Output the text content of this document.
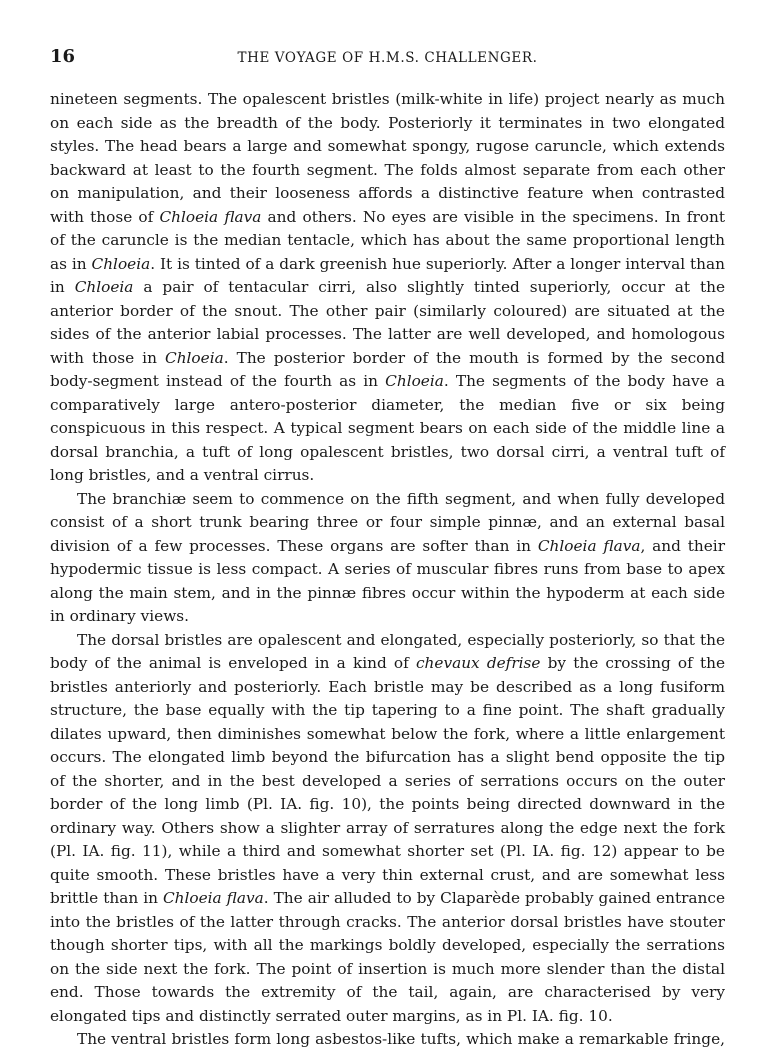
16	THE VOYAGE OF H.M.S. CHALLENGER.

nineteen segments. The opalescent bristles (milk-white in life) project nearly as much on each side as the breadth of the body. Posteriorly it terminates in two elongated styles. The head bears a large and somewhat spongy, rugose caruncle, which extends backward at least to the fourth segment. The folds almost separate from each other on manipulation, and their looseness affords a distinctive feature when contrasted with those of Chloeia flava and others. No eyes are visible in the specimens. In front of the caruncle is the median tentacle, which has about the same proportional length as in Chloeia. It is tinted of a dark greenish hue superiorly. After a longer interval than in Chloeia a pair of tentacular cirri, also slightly tinted superiorly, occur at the anterior border of the snout. The other pair (similarly coloured) are situated at the sides of the anterior labial processes. The latter are well developed, and homologous with those in Chloeia. The posterior border of the mouth is formed by the second body-segment instead of the fourth as in Chloeia. The segments of the body have a comparatively large antero-posterior diameter, the median five or six being conspicuous in this respect. A typical segment bears on each side of the middle line a dorsal branchia, a tuft of long opalescent bristles, two dorsal cirri, a ventral tuft of long bristles, and a ventral cirrus.

The branchiæ seem to commence on the fifth segment, and when fully developed consist of a short trunk bearing three or four simple pinnæ, and an external basal division of a few processes. These organs are softer than in Chloeia flava, and their hypodermic tissue is less compact. A series of muscular fibres runs from base to apex along the main stem, and in the pinnæ fibres occur within the hypoderm at each side in ordinary views.

The dorsal bristles are opalescent and elongated, especially posteriorly, so that the body of the animal is enveloped in a kind of chevaux defrise by the crossing of the bristles anteriorly and posteriorly. Each bristle may be described as a long fusiform structure, the base equally with the tip tapering to a fine point. The shaft gradually dilates upward, then diminishes somewhat below the fork, where a little enlargement occurs. The elongated limb beyond the bifurcation has a slight bend opposite the tip of the shorter, and in the best developed a series of serrations occurs on the outer border of the long limb (Pl. IA. fig. 10), the points being directed downward in the ordinary way. Others show a slighter array of serratures along the edge next the fork (Pl. IA. fig. 11), while a third and somewhat shorter set (Pl. IA. fig. 12) appear to be quite smooth. These bristles have a very thin external crust, and are somewhat less brittle than in Chloeia flava. The air alluded to by Claparède probably gained entrance into the bristles of the latter through cracks. The anterior dorsal bristles have stouter though shorter tips, with all the markings boldly developed, especially the serrations on the side next the fork. The point of insertion is much more slender than the distal end. Those towards the extremity of the tail, again, are characterised by very elongated tips and distinctly serrated outer margins, as in Pl. IA. fig. 10.

The ventral bristles form long asbestos-like tufts, which make a remarkable fringe,
